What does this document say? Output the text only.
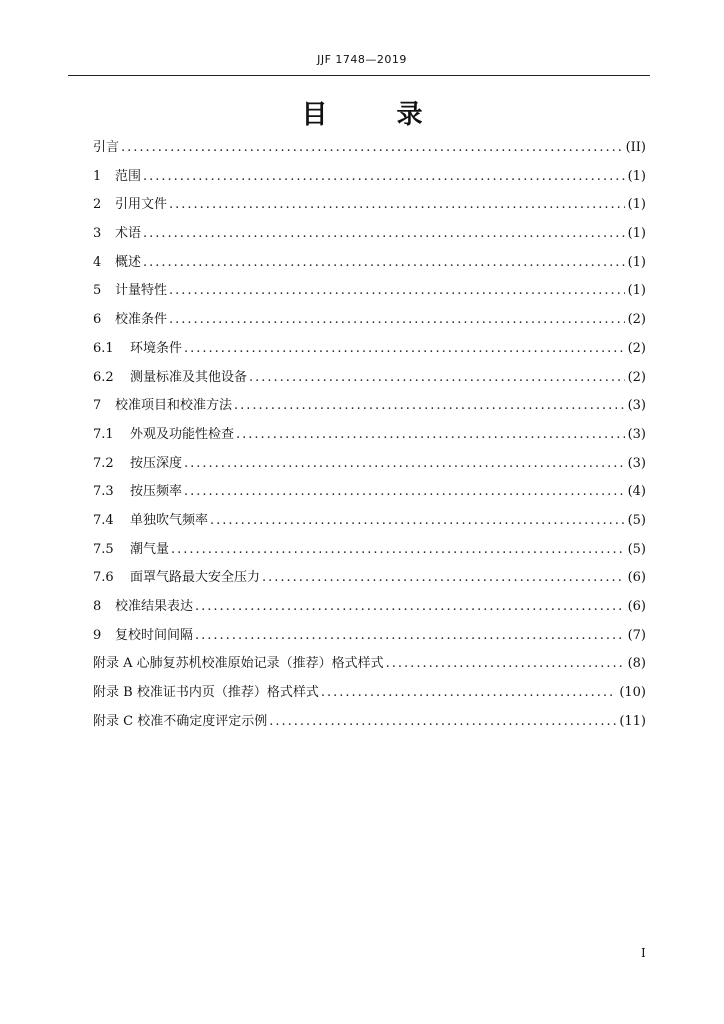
JJF 1748—2019
目 录
引言 .....	(II)
1 范围 .....	(1)
2 引用文件 .....	(1)
3 术语 .....	(1)
4 概述 .....	(1)
5 计量特性 .....	(1)
6 校准条件 .....	(2)
6.1 环境条件 .....	(2)
6.2 测量标准及其他设备 .....	(2)
7 校准项目和校准方法 .....	(3)
7.1 外观及功能性检查 .....	(3)
7.2 按压深度 .....	(3)
7.3 按压频率 .....	(4)
7.4 单独吹气频率 .....	(5)
7.5 潮气量 .....	(5)
7.6 面罩气路最大安全压力 .....	(6)
8 校准结果表达 .....	(6)
9 复校时间间隔 .....	(7)
附录 A 心肺复苏机校准原始记录（推荐）格式样式 .....	(8)
附录 B 校准证书内页（推荐）格式样式 .....	(10)
附录 C 校准不确定度评定示例 .....	(11)
I
